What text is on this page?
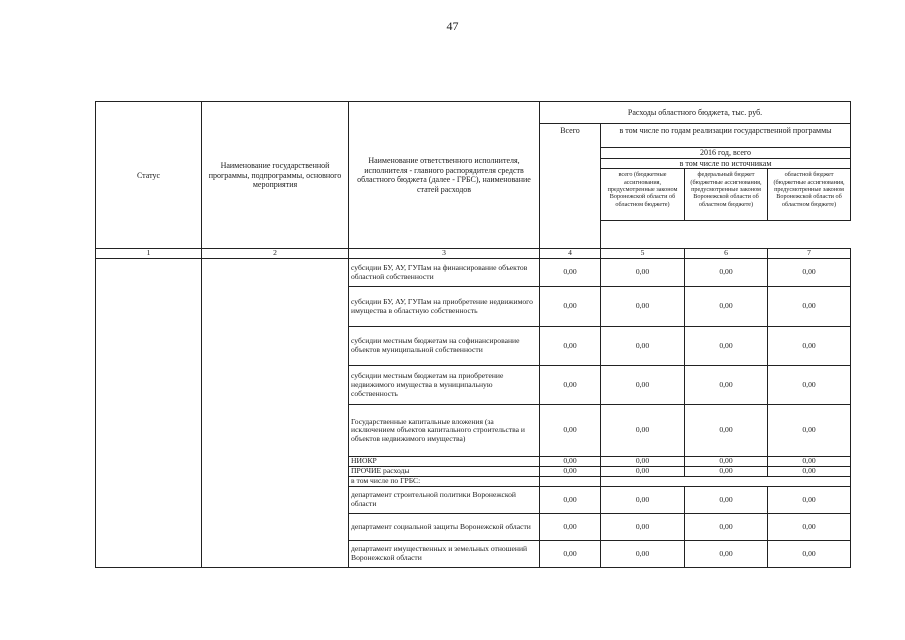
47
Статус	Наименование государственной программы, подпрограммы, основного мероприятия	Наименование ответственного исполнителя, исполнителя - главного распорядителя средств областного бюджета (далее - ГРБС), наименование статей расходов	Расходы областного бюджета, тыс. руб.			
			Всего	в том числе по годам реализации государственной программы		
				2016 год, всего		
				в том числе по источникам		
				всего (бюджетные ассигнования, предусмотренные законом Воронежской области об областном бюджете)	федеральный бюджет (бюджетные ассигнования, предусмотренные законом Воронежской области об областном бюджете)	областной бюджет (бюджетные ассигнования, предусмотренные законом Воронежской области об областном бюджете)

1	2	3	4	5	6	7
		субсидии БУ, АУ, ГУПам на финансирование объектов областной собственности	0,00	0,00	0,00	0,00
		субсидии БУ, АУ, ГУПам на приобретение недвижимого имущества в областную собственность	0,00	0,00	0,00	0,00
		субсидии местным бюджетам на софинансирование объектов муниципальной собственности	0,00	0,00	0,00	0,00
		субсидии местным бюджетам на приобретение недвижимого имущества в муниципальную собственность	0,00	0,00	0,00	0,00
		Государственные капитальные вложения (за исключением объектов капитального строительства и объектов недвижимого имущества)	0,00	0,00	0,00	0,00
		НИОКР	0,00	0,00	0,00	0,00
		ПРОЧИЕ расходы	0,00	0,00	0,00	0,00
		в том числе по ГРБС:				
		департамент строительной политики Воронежской области	0,00	0,00	0,00	0,00
		департамент социальной защиты Воронежской области	0,00	0,00	0,00	0,00
		департамент имущественных и земельных отношений Воронежской области	0,00	0,00	0,00	0,00
